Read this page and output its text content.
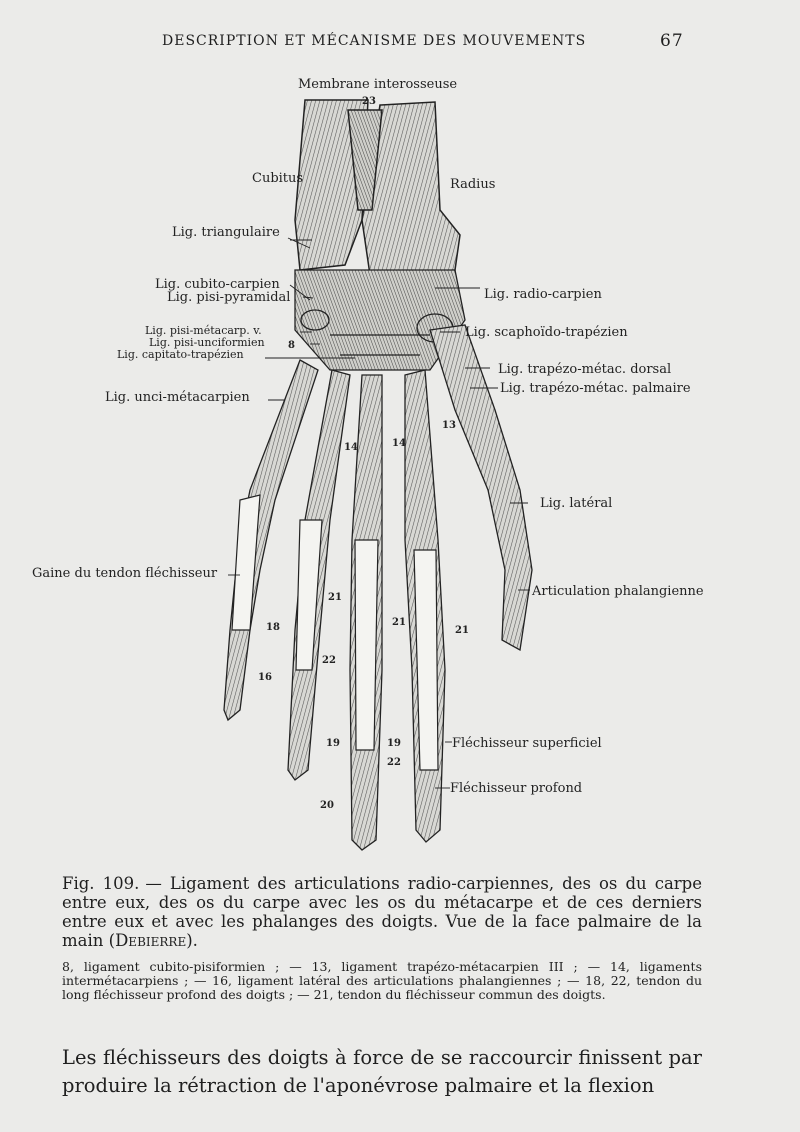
DESCRIPTION ET MÉCANISME DES MOUVEMENTS	67
Membrane interosseuse
23
Cubitus	Radius
Lig. triangulaire
Lig. cubito-carpien
Lig. pisi-pyramidal	Lig. radio-carpien
8
Lig. pisi-métacarp. v.
Lig. pisi-unciformien
Lig. capitato-trapézien
Lig. scaphoïdo-trapézien
Lig. trapézo-métac. dorsal
Lig. trapézo-métac. palmaire
Lig. unci-métacarpien
14	14
13
Lig. latéral
Gaine du tendon fléchisseur
Articulation phalangienne
21
21
21
18
22
16
19	19	Fléchisseur superficiel
22
Fléchisseur profond
20
Fig. 109. — Ligament des articulations radio-carpiennes, des os du carpe entre eux, des os du carpe avec les os du métacarpe et de ces derniers entre eux et avec les phalanges des doigts. Vue de la face palmaire de la main (Debierre).
8, ligament cubito-pisiformien ; — 13, ligament trapézo-métacarpien III ; — 14, ligaments intermétacarpiens ; — 16, ligament latéral des articulations phalangiennes ; — 18, 22, tendon du long fléchisseur profond des doigts ; — 21, tendon du fléchisseur commun des doigts.
Les fléchisseurs des doigts à force de se raccourcir finissent par produire la rétraction de l'aponévrose palmaire et la flexion
